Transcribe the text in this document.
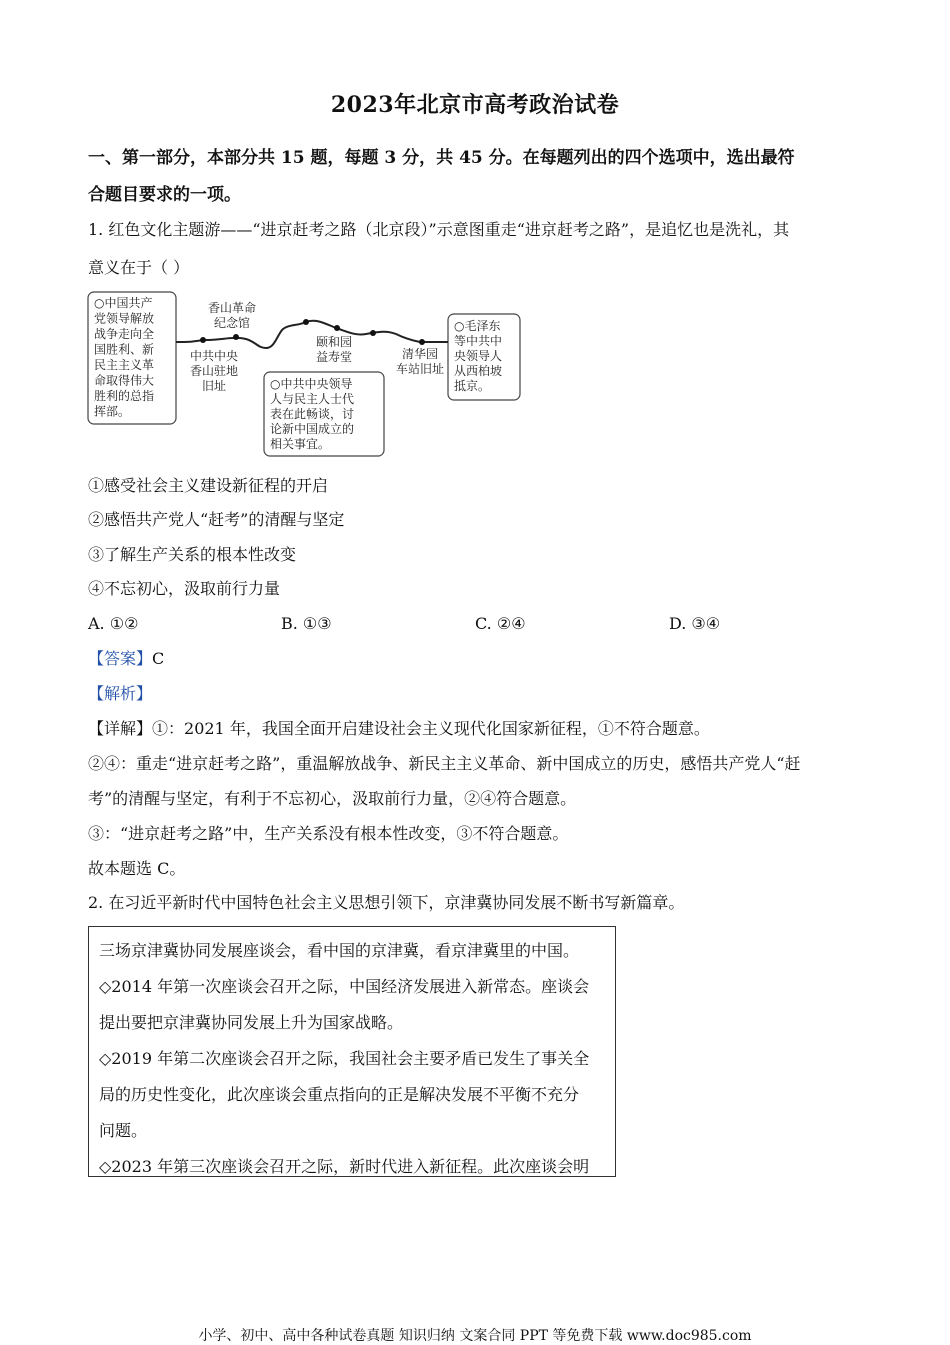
2023年北京市高考政治试卷
一、第一部分，本部分共 15 题，每题 3 分，共 45 分。在每题列出的四个选项中，选出最符
合题目要求的一项。
1. 红色文化主题游——“进京赶考之路（北京段）”示意图重走“进京赶考之路”，是追忆也是洗礼，其
意义在于（ ）
○中国共产
党领导解放
战争走向全
国胜利、新
民主主义革
命取得伟大
胜利的总指
挥部。
香山革命
纪念馆
中共中央
香山驻地
旧址
颐和园
益寿堂	清华园
车站旧址
○中共中央领导
人与民主人士代
表在此畅谈，讨
论新中国成立的
相关事宜。
○毛泽东
等中共中
央领导人
从西柏坡
抵京。
①感受社会主义建设新征程的开启
②感悟共产党人“赶考”的清醒与坚定
③了解生产关系的根本性改变
④不忘初心，汲取前行力量
A. ①②	B. ①③	C. ②④	D. ③④
【答案】C
【解析】
【详解】①：2021 年，我国全面开启建设社会主义现代化国家新征程，①不符合题意。
②④：重走“进京赶考之路”，重温解放战争、新民主主义革命、新中国成立的历史，感悟共产党人“赶
考”的清醒与坚定，有利于不忘初心，汲取前行力量，②④符合题意。
③：“进京赶考之路”中，生产关系没有根本性改变，③不符合题意。
故本题选 C。
2. 在习近平新时代中国特色社会主义思想引领下，京津冀协同发展不断书写新篇章。
三场京津冀协同发展座谈会，看中国的京津冀，看京津冀里的中国。
◇2014 年第一次座谈会召开之际，中国经济发展进入新常态。座谈会
提出要把京津冀协同发展上升为国家战略。
◇2019 年第二次座谈会召开之际，我国社会主要矛盾已发生了事关全
局的历史性变化，此次座谈会重点指向的正是解决发展不平衡不充分
问题。
◇2023 年第三次座谈会召开之际，新时代进入新征程。此次座谈会明
小学、初中、高中各种试卷真题 知识归纳 文案合同 PPT 等免费下载 www.doc985.com
